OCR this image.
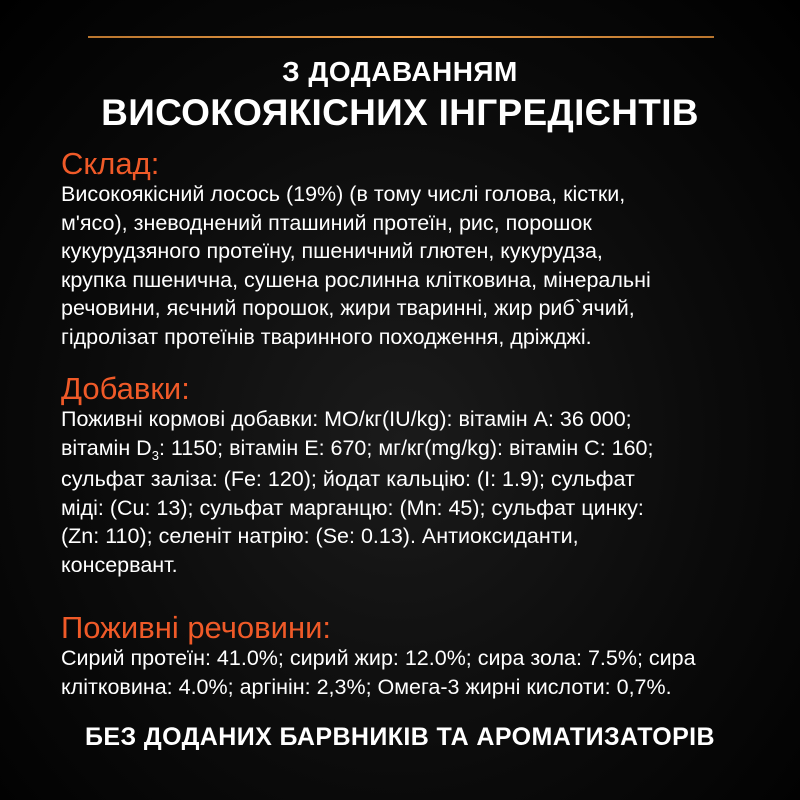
З ДОДАВАННЯМ
ВИСОКОЯКІСНИХ ІНГРЕДІЄНТІВ
Склад:

Високоякісний лосось (19%) (в тому числі голова, кістки,
м'ясо), зневоднений пташиний протеїн, рис, порошок
кукурудзяного протеїну, пшеничний глютен, кукурудза,
крупка пшенична, сушена рослинна клітковина, мінеральні
речовини, яєчний порошок, жири тваринні, жир риб`ячий,
гідролізат протеїнів тваринного походження, дріжджі.

Добавки:

Поживні кормові добавки: МО/кг(IU/kg): вітамін А: 36 000;
вітамін $D_3$: 1150; вітамін Е: 670; мг/кг(mg/kg): вітамін С: 160;
сульфат заліза: (Fe: 120); йодат кальцію: (I: 1.9); сульфат
міді: (Cu: 13); сульфат марганцю: (Mn: 45); сульфат цинку:
(Zn: 110); селеніт натрію: (Se: 0.13). Антиоксиданти,
консервант.

Поживні речовини:

Сирий протеїн: 41.0%; сирий жир: 12.0%; сира зола: 7.5%; сира
клітковина: 4.0%; аргінін: 2,3%; Омега-3 жирні кислоти: 0,7%.

БЕЗ ДОДАНИХ БАРВНИКІВ ТА АРОМАТИЗАТОРІВ
